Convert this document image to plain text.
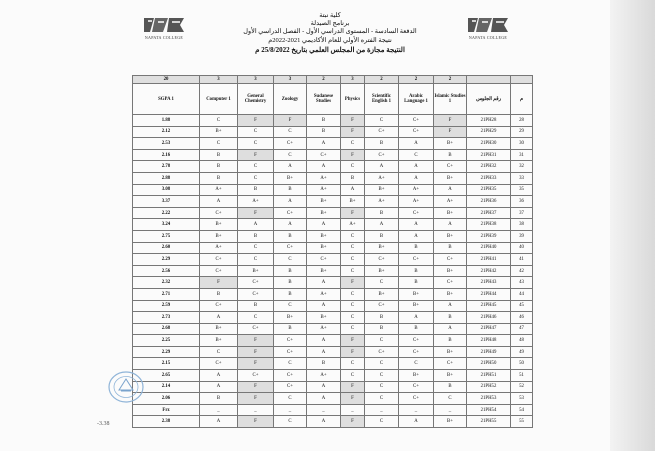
NAPATA COLLEGE	NAPATA COLLEGE
كلية نبتة
برنامج الصيدلة
الدفعة السادسة - المستوى الدراسي الأول - الفصل الدراسي الأول
نتيجة الفتره الأولي للعام الأكاديمي 2021-2022م
النتيجة مجازة من المجلس العلمي بتاريخ 25/8/2022 م
20	3	3	3	2	3	2	2	2		
SGPA 1	Computer 1	General Chemistry	Zoology	Sudanese Studies	Physics	Scientific English 1	Arabic Language 1	Islamic Studies 1	رقم الجلوس	م
1.88	C	F	F	B	F	C	C+	F	21PH28	28
2.12	B+	C	C	B	F	C+	C+	F	21PH29	29
2.53	C	C	C+	A	C	B	A	B+	21PH30	30
2.16	B	F	C	C+	F	C+	C	B	21PH31	31
2.78	B	C	A	A	C	A	A	C+	21PH32	32
2.88	B	C	B+	A+	B	A+	A	B+	21PH33	33
3.08	A+	B	B	A+	A	B+	A+	A	21PH35	35
3.37	A	A+	A	B+	B+	A+	A+	A+	21PH36	36
2.22	C+	F	C+	B+	F	B	C+	B+	21PH37	37
3.24	B+	A	A	A	A+	A	A	A	21PH38	38
2.75	B+	B	B	B+	C	B	A	B+	21PH39	39
2.60	A+	C	C+	B+	C	B+	B	B	21PH40	40
2.29	C+	C	C	C+	C	C+	C+	C+	21PH41	41
2.56	C+	B+	B	B+	C	B+	B	B+	21PH42	42
2.32	F	C+	B	A	F	C	B	C+	21PH43	43
2.71	B	C+	B	A+	C	B+	B+	B+	21PH44	44
2.59	C+	B	C	A	C	C+	B+	A	21PH45	45
2.73	A	C	B+	B+	C	B	A	B	21PH46	46
2.68	B+	C+	B	A+	C	B	B	A	21PH47	47
2.25	B+	F	C+	A	F	C	C+	B	21PH48	48
2.29	C	F	C+	A	F	C+	C+	B+	21PH49	49
2.15	C+	F	C	B	C	C	C	C+	21PH50	50
2.65	A	C+	C+	A+	C	C	B+	B+	21PH51	51
2.14	A	F	C+	A	F	C	C+	B	21PH52	52
2.06	B	F	C	A	F	C	C+	C	21PH53	53
Frz	_	_	_	_	_	_	_	_	21PH54	54
2.38	A	F	C	A	F	C	A	B+	21PH55	55
-3.38
